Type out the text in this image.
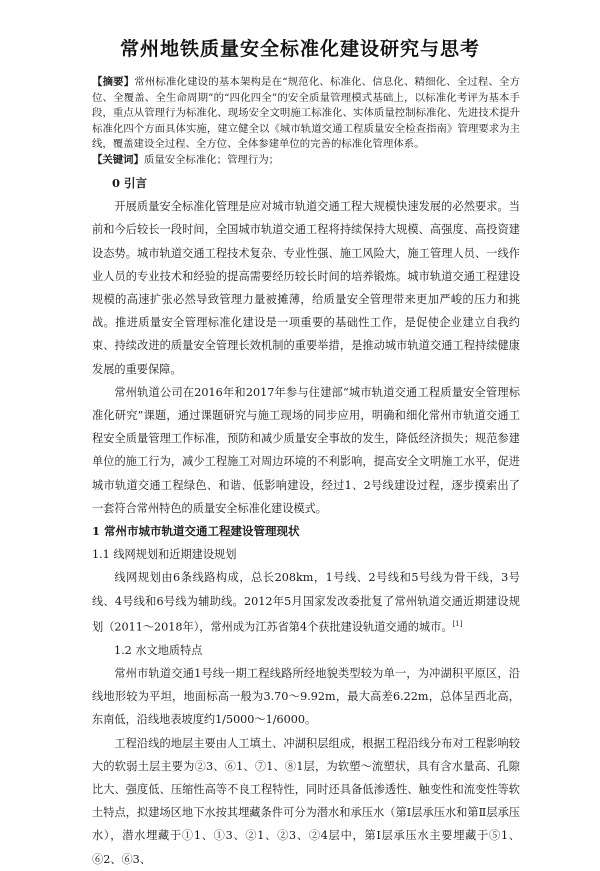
常州地铁质量安全标准化建设研究与思考
【摘要】常州标准化建设的基本架构是在“规范化、标准化、信息化、精细化、全过程、全方位、全覆盖、全生命周期”的“四化四全”的安全质量管理模式基础上，以标准化考评为基本手段，重点从管理行为标准化、现场安全文明施工标准化、实体质量控制标准化、先进技术提升标准化四个方面具体实施，建立健全以《城市轨道交通工程质量安全检查指南》管理要求为主线，覆盖建设全过程、全方位、全体参建单位的完善的标准化管理体系。
【关键词】质量安全标准化；管理行为；

0 引言

开展质量安全标准化管理是应对城市轨道交通工程大规模快速发展的必然要求。当前和今后较长一段时间，全国城市轨道交通工程将持续保持大规模、高强度、高投资建设态势。城市轨道交通工程技术复杂、专业性强、施工风险大，施工管理人员、一线作业人员的专业技术和经验的提高需要经历较长时间的培养锻炼。城市轨道交通工程建设规模的高速扩张必然导致管理力量被摊薄，给质量安全管理带来更加严峻的压力和挑战。推进质量安全管理标准化建设是一项重要的基础性工作，是促使企业建立自我约束、持续改进的质量安全管理长效机制的重要举措，是推动城市轨道交通工程持续健康发展的重要保障。

常州轨道公司在2016年和2017年参与住建部“城市轨道交通工程质量安全管理标准化研究”课题，通过课题研究与施工现场的同步应用，明确和细化常州市轨道交通工程安全质量管理工作标准，预防和减少质量安全事故的发生，降低经济损失；规范参建单位的施工行为，减少工程施工对周边环境的不利影响，提高安全文明施工水平，促进城市轨道交通工程绿色、和谐、低影响建设，经过1、2号线建设过程，逐步摸索出了一套符合常州特色的质量安全标准化建设模式。

1 常州市城市轨道交通工程建设管理现状

1.1 线网规划和近期建设规划

线网规划由6条线路构成，总长208km，1号线、2号线和5号线为骨干线，3号线、4号线和6号线为辅助线。2012年5月国家发改委批复了常州轨道交通近期建设规划（2011～2018年），常州成为江苏省第4个获批建设轨道交通的城市。[1]

1.2 水文地质特点

常州市轨道交通1号线一期工程线路所经地貌类型较为单一，为冲湖积平原区，沿线地形较为平坦，地面标高一般为3.70～9.92m，最大高差6.22m，总体呈西北高，东南低，沿线地表坡度约1/5000～1/6000。

工程沿线的地层主要由人工填土、冲湖积层组成，根据工程沿线分布对工程影响较大的软弱土层主要为②3、⑥1、⑦1、⑧1层，为软塑～流塑状，具有含水量高、孔隙比大、强度低、压缩性高等不良工程特性，同时还具备低渗透性、触变性和流变性等软土特点，拟建场区地下水按其埋藏条件可分为潜水和承压水（第Ⅰ层承压水和第Ⅱ层承压水），潜水埋藏于①1、①3、②1、②3、②4层中，第Ⅰ层承压水主要埋藏于⑤1、⑥2、⑥3、
